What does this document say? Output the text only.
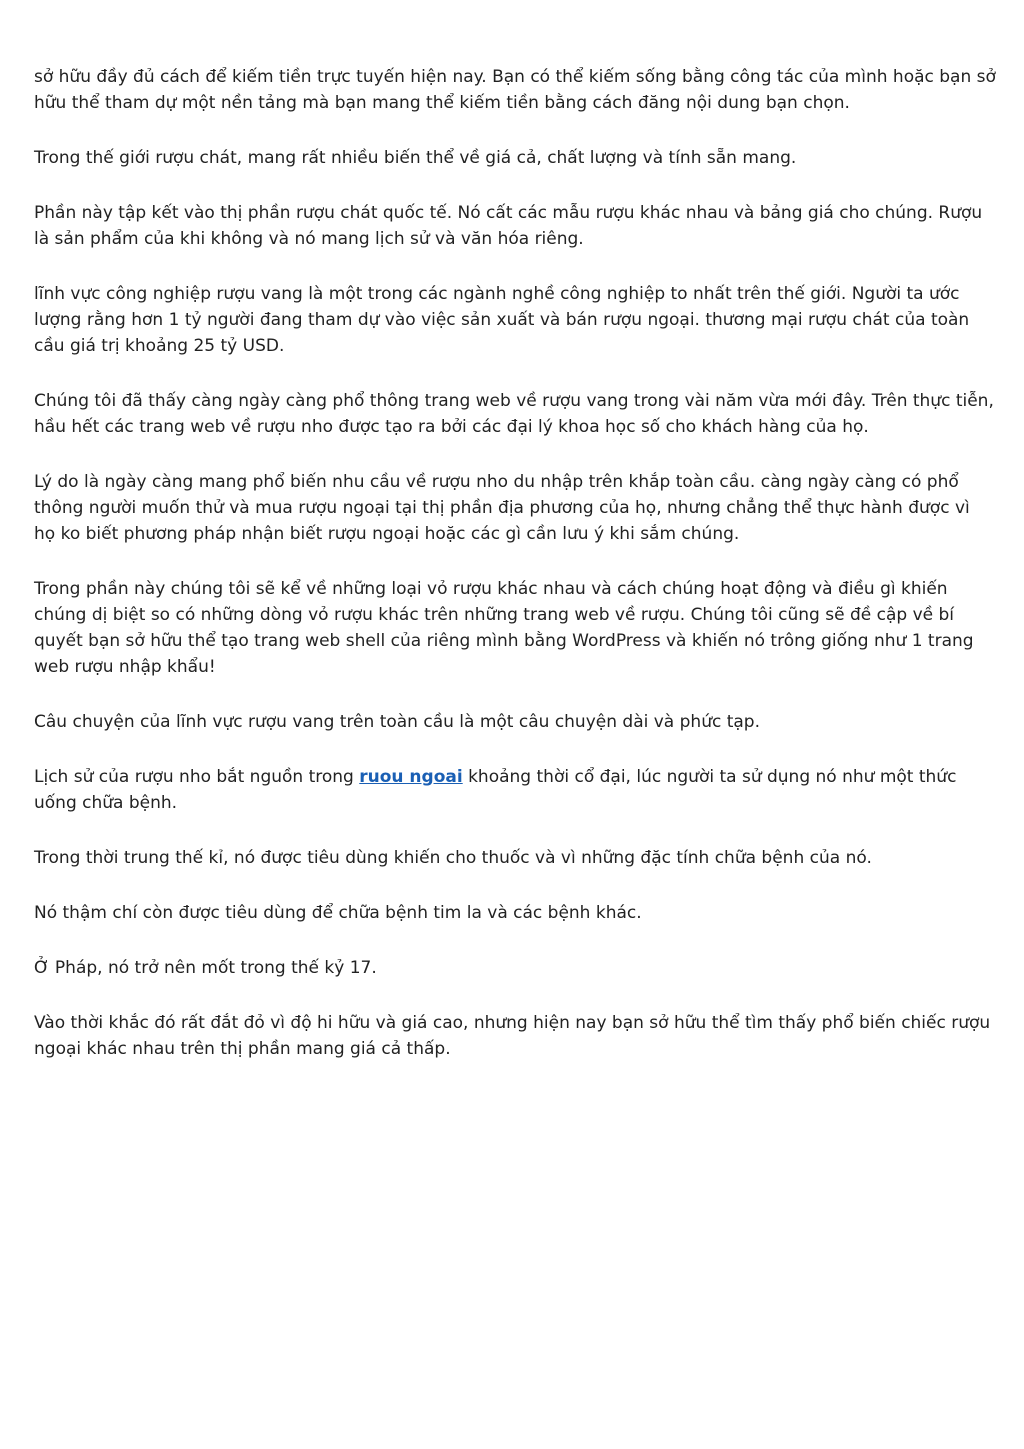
sở hữu đầy đủ cách để kiếm tiền trực tuyến hiện nay. Bạn có thể kiếm sống bằng công tác của mình hoặc bạn sở hữu thể tham dự một nền tảng mà bạn mang thể kiếm tiền bằng cách đăng nội dung bạn chọn.

Trong thế giới rượu chát, mang rất nhiều biến thể về giá cả, chất lượng và tính sẵn mang.

Phần này tập kết vào thị phần rượu chát quốc tế. Nó cất các mẫu rượu khác nhau và bảng giá cho chúng. Rượu là sản phẩm của khi không và nó mang lịch sử và văn hóa riêng.

lĩnh vực công nghiệp rượu vang là một trong các ngành nghề công nghiệp to nhất trên thế giới. Người ta ước lượng rằng hơn 1 tỷ người đang tham dự vào việc sản xuất và bán rượu ngoại. thương mại rượu chát của toàn cầu giá trị khoảng 25 tỷ USD.

Chúng tôi đã thấy càng ngày càng phổ thông trang web về rượu vang trong vài năm vừa mới đây. Trên thực tiễn, hầu hết các trang web về rượu nho được tạo ra bởi các đại lý khoa học số cho khách hàng của họ.

Lý do là ngày càng mang phổ biến nhu cầu về rượu nho du nhập trên khắp toàn cầu. càng ngày càng có phổ thông người muốn thử và mua rượu ngoại tại thị phần địa phương của họ, nhưng chẳng thể thực hành được vì họ ko biết phương pháp nhận biết rượu ngoại hoặc các gì cần lưu ý khi sắm chúng.

Trong phần này chúng tôi sẽ kể về những loại vỏ rượu khác nhau và cách chúng hoạt động và điều gì khiến chúng dị biệt so có những dòng vỏ rượu khác trên những trang web về rượu. Chúng tôi cũng sẽ đề cập về bí quyết bạn sở hữu thể tạo trang web shell của riêng mình bằng WordPress và khiến nó trông giống như 1 trang web rượu nhập khẩu!

Câu chuyện của lĩnh vực rượu vang trên toàn cầu là một câu chuyện dài và phức tạp.

Lịch sử của rượu nho bắt nguồn trong ruou ngoai khoảng thời cổ đại, lúc người ta sử dụng nó như một thức uống chữa bệnh.

Trong thời trung thế kỉ, nó được tiêu dùng khiến cho thuốc và vì những đặc tính chữa bệnh của nó.

Nó thậm chí còn được tiêu dùng để chữa bệnh tim la và các bệnh khác.

Ở Pháp, nó trở nên mốt trong thế kỷ 17.

Vào thời khắc đó rất đắt đỏ vì độ hi hữu và giá cao, nhưng hiện nay bạn sở hữu thể tìm thấy phổ biến chiếc rượu ngoại khác nhau trên thị phần mang giá cả thấp.
